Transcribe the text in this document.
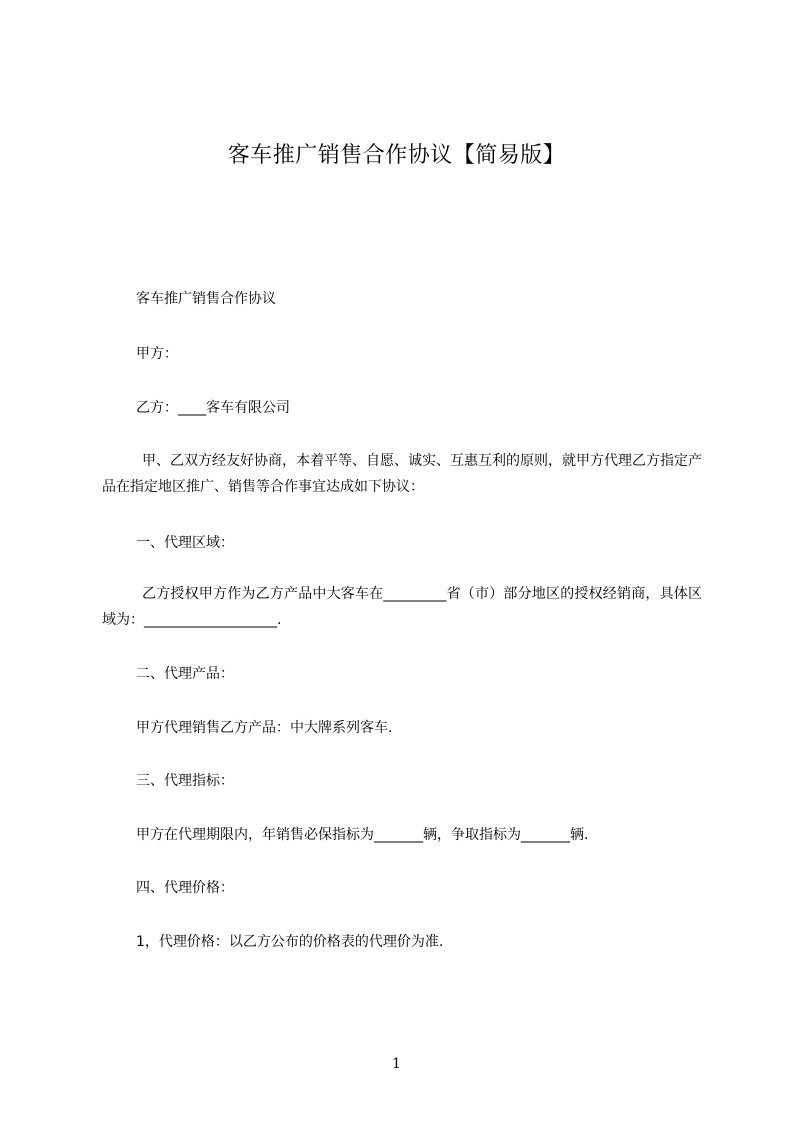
客车推广销售合作协议【简易版】
客车推广销售合作协议
甲方：
乙方：____客车有限公司
甲、乙双方经友好协商，本着平等、自愿、诚实、互惠互利的原则，就甲方代理乙方指定产品在指定地区推广、销售等合作事宜达成如下协议：
一、代理区域：
乙方授权甲方作为乙方产品中大客车在_________省（市）部分地区的授权经销商，具体区域为：___________________.
二、代理产品：
甲方代理销售乙方产品：中大牌系列客车.
三、代理指标：
甲方在代理期限内，年销售必保指标为_______辆，争取指标为_______辆.
四、代理价格：
1，代理价格：以乙方公布的价格表的代理价为准.
1
